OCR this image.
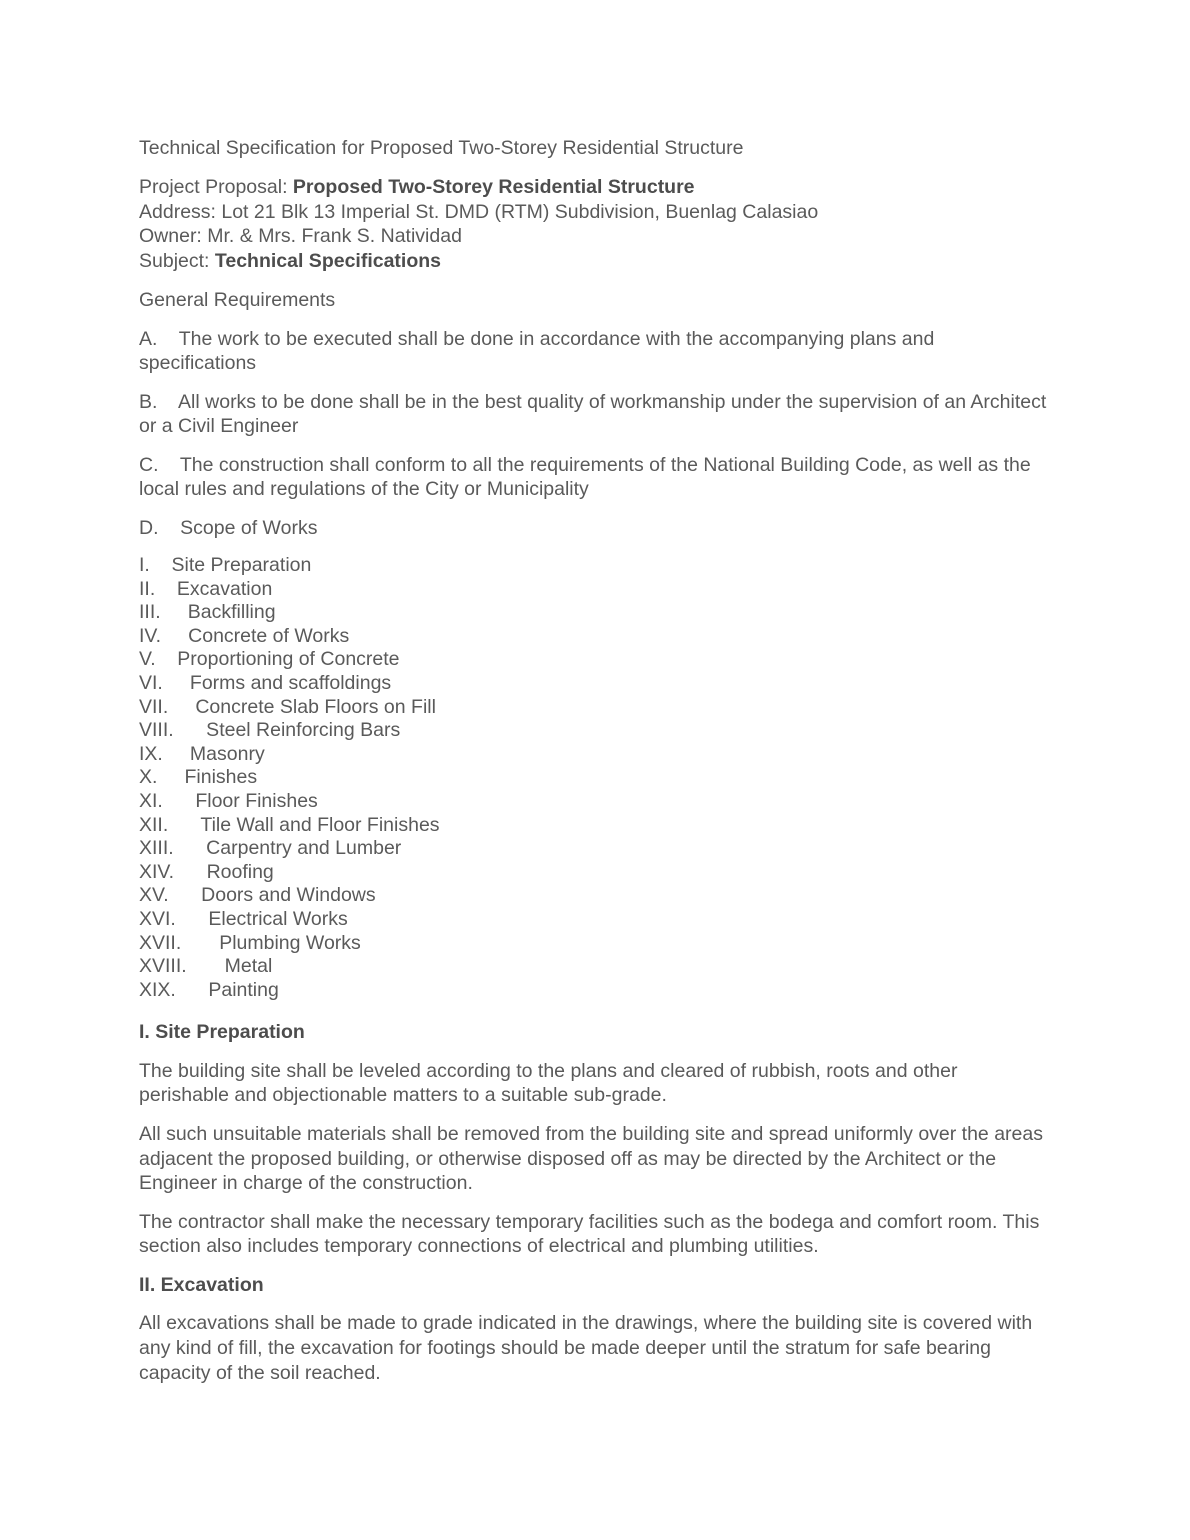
Technical Specification for Proposed Two-Storey Residential Structure
Project Proposal: Proposed Two-Storey Residential Structure
Address: Lot 21 Blk 13 Imperial St. DMD (RTM) Subdivision, Buenlag Calasiao
Owner: Mr. & Mrs. Frank S. Natividad
Subject: Technical Specifications
General Requirements
A. The work to be executed shall be done in accordance with the accompanying plans and specifications
B. All works to be done shall be in the best quality of workmanship under the supervision of an Architect or a Civil Engineer
C. The construction shall conform to all the requirements of the National Building Code, as well as the local rules and regulations of the City or Municipality
D. Scope of Works
I.    Site Preparation
II.    Excavation
III.     Backfilling
IV.     Concrete of Works
V.    Proportioning of Concrete
VI.     Forms and scaffoldings
VII.     Concrete Slab Floors on Fill
VIII.      Steel Reinforcing Bars
IX.     Masonry
X.     Finishes
XI.      Floor Finishes
XII.      Tile Wall and Floor Finishes
XIII.      Carpentry and Lumber
XIV.      Roofing
XV.      Doors and Windows
XVI.      Electrical Works
XVII.       Plumbing Works
XVIII.       Metal
XIX.      Painting
I. Site Preparation
The building site shall be leveled according to the plans and cleared of rubbish, roots and other perishable and objectionable matters to a suitable sub-grade.
All such unsuitable materials shall be removed from the building site and spread uniformly over the areas adjacent the proposed building, or otherwise disposed off as may be directed by the Architect or the Engineer in charge of the construction.
The contractor shall make the necessary temporary facilities such as the bodega and comfort room. This section also includes temporary connections of electrical and plumbing utilities.
II. Excavation
All excavations shall be made to grade indicated in the drawings, where the building site is covered with any kind of fill, the excavation for footings should be made deeper until the stratum for safe bearing capacity of the soil reached.
